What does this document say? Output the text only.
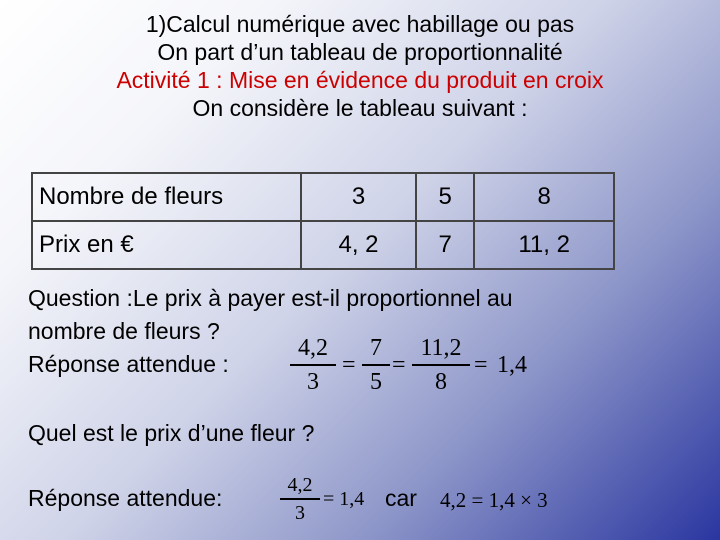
1)Calcul numérique avec habillage ou pas
On part d’un tableau de proportionnalité
Activité 1 : Mise en évidence du produit en croix
On considère le tableau suivant :
Nombre de fleurs	3	5	8
Prix en €	4, 2	7	11, 2
Question :Le prix à payer est-il proportionnel au
nombre de fleurs ?
Réponse attendue :
4,2
3
=
7
5
=
11,2
8
= 1,4
Quel est le prix d’une fleur ?
Réponse attendue:	4,2
3
= 1,4 car 4,2 = 1,4 × 3
